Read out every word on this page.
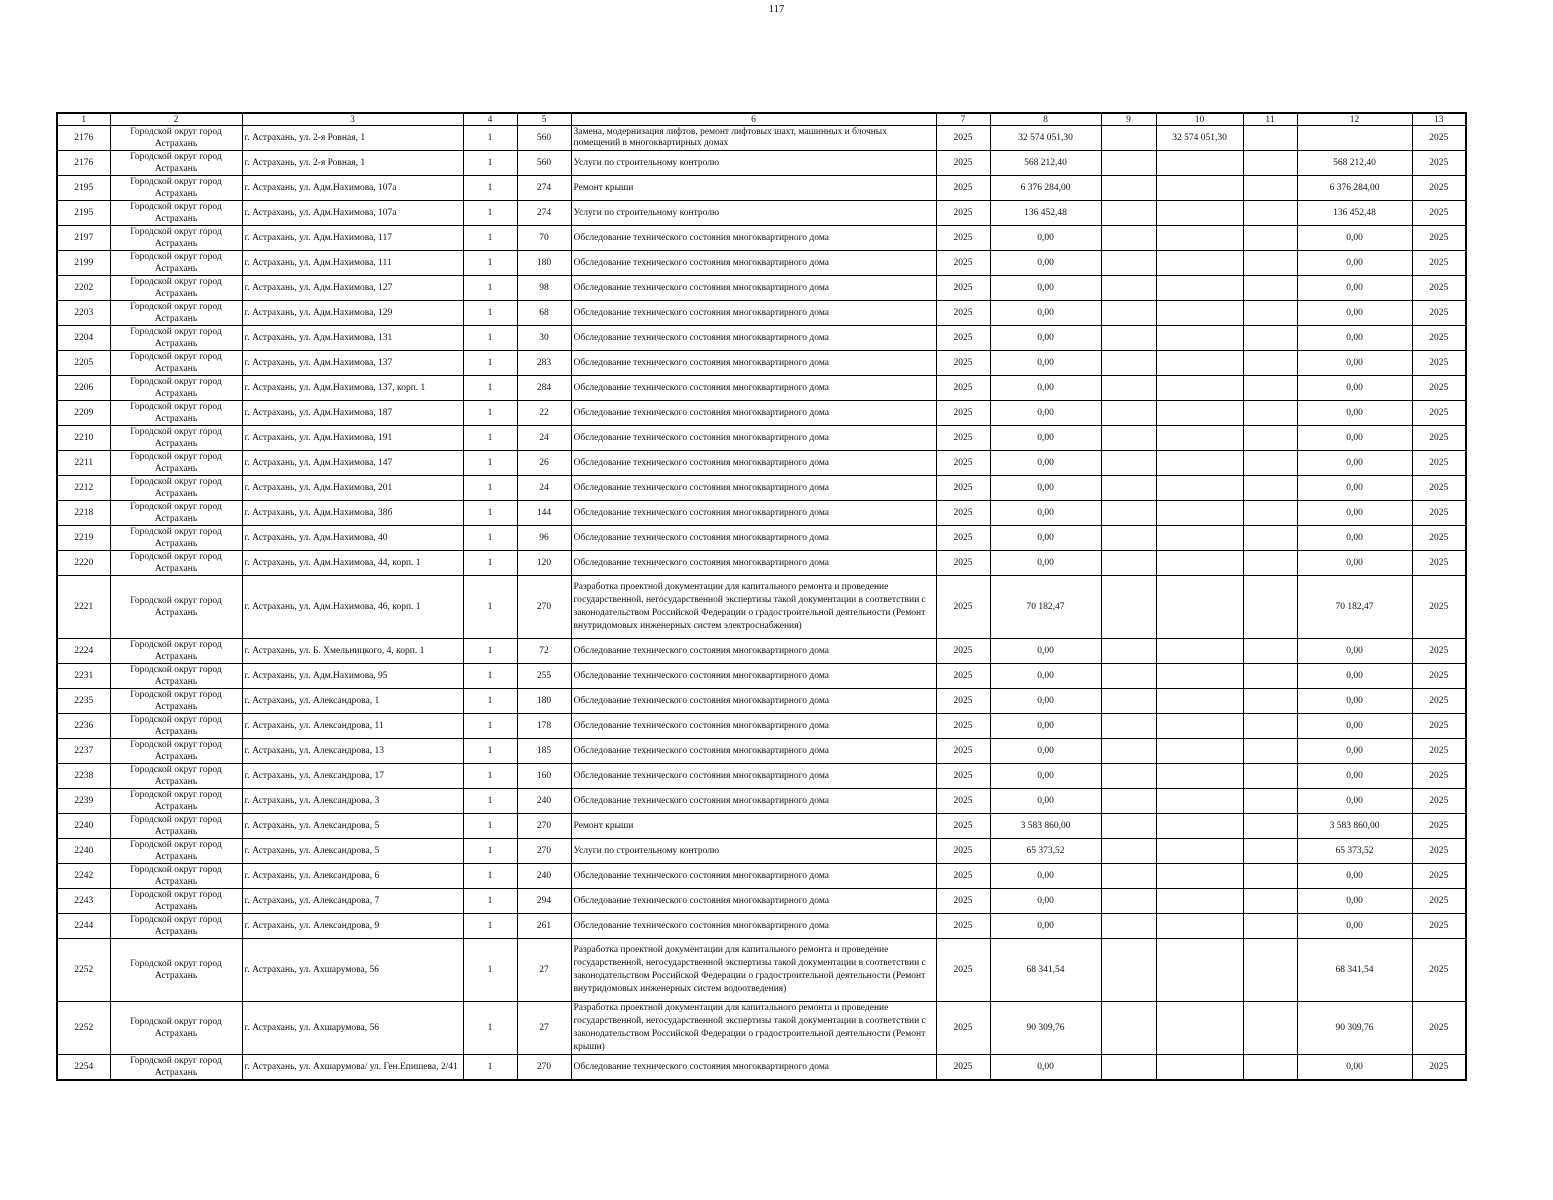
117
1	2	3	4	5	6	7	8	9	10	11	12	13
2176	Городской округ город Астрахань	г. Астрахань, ул. 2-я Ровная, 1	1	560	Замена, модернизация лифтов, ремонт лифтовых шахт, машинных и блочных помещений в многоквартирных домах	2025	32 574 051,30		32 574 051,30			2025
2176	Городской округ город Астрахань	г. Астрахань, ул. 2-я Ровная, 1	1	560	Услуги по строительному контролю	2025	568 212,40				568 212,40	2025
2195	Городской округ город Астрахань	г. Астрахань, ул. Адм.Нахимова, 107а	1	274	Ремонт крыши	2025	6 376 284,00				6 376 284,00	2025
2195	Городской округ город Астрахань	г. Астрахань, ул. Адм.Нахимова, 107а	1	274	Услуги по строительному контролю	2025	136 452,48				136 452,48	2025
2197	Городской округ город Астрахань	г. Астрахань, ул. Адм.Нахимова, 117	1	70	Обследование технического состояния многоквартирного дома	2025	0,00				0,00	2025
2199	Городской округ город Астрахань	г. Астрахань, ул. Адм.Нахимова, 111	1	180	Обследование технического состояния многоквартирного дома	2025	0,00				0,00	2025
2202	Городской округ город Астрахань	г. Астрахань, ул. Адм.Нахимова, 127	1	98	Обследование технического состояния многоквартирного дома	2025	0,00				0,00	2025
2203	Городской округ город Астрахань	г. Астрахань, ул. Адм.Нахимова, 129	1	68	Обследование технического состояния многоквартирного дома	2025	0,00				0,00	2025
2204	Городской округ город Астрахань	г. Астрахань, ул. Адм.Нахимова, 131	1	30	Обследование технического состояния многоквартирного дома	2025	0,00				0,00	2025
2205	Городской округ город Астрахань	г. Астрахань, ул. Адм.Нахимова, 137	1	283	Обследование технического состояния многоквартирного дома	2025	0,00				0,00	2025
2206	Городской округ город Астрахань	г. Астрахань, ул. Адм.Нахимова, 137, корп. 1	1	284	Обследование технического состояния многоквартирного дома	2025	0,00				0,00	2025
2209	Городской округ город Астрахань	г. Астрахань, ул. Адм.Нахимова, 187	1	22	Обследование технического состояния многоквартирного дома	2025	0,00				0,00	2025
2210	Городской округ город Астрахань	г. Астрахань, ул. Адм.Нахимова, 191	1	24	Обследование технического состояния многоквартирного дома	2025	0,00				0,00	2025
2211	Городской округ город Астрахань	г. Астрахань, ул. Адм.Нахимова, 147	1	26	Обследование технического состояния многоквартирного дома	2025	0,00				0,00	2025
2212	Городской округ город Астрахань	г. Астрахань, ул. Адм.Нахимова, 201	1	24	Обследование технического состояния многоквартирного дома	2025	0,00				0,00	2025
2218	Городской округ город Астрахань	г. Астрахань, ул. Адм.Нахимова, 38б	1	144	Обследование технического состояния многоквартирного дома	2025	0,00				0,00	2025
2219	Городской округ город Астрахань	г. Астрахань, ул. Адм.Нахимова, 40	1	96	Обследование технического состояния многоквартирного дома	2025	0,00				0,00	2025
2220	Городской округ город Астрахань	г. Астрахань, ул. Адм.Нахимова, 44, корп. 1	1	120	Обследование технического состояния многоквартирного дома	2025	0,00				0,00	2025
2221	Городской округ город Астрахань	г. Астрахань, ул. Адм.Нахимова, 46, корп. 1	1	270	Разработка проектной документации для капитального ремонта и проведение государственной, негосударственной экспертизы такой документации в соответствии с законодательством Российской Федерации о градостроительной деятельности (Ремонт внутридомовых инженерных систем электроснабжения)	2025	70 182,47				70 182,47	2025
2224	Городской округ город Астрахань	г. Астрахань, ул. Б. Хмельницкого, 4, корп. 1	1	72	Обследование технического состояния многоквартирного дома	2025	0,00				0,00	2025
2231	Городской округ город Астрахань	г. Астрахань, ул. Адм.Нахимова, 95	1	255	Обследование технического состояния многоквартирного дома	2025	0,00				0,00	2025
2235	Городской округ город Астрахань	г. Астрахань, ул. Александрова, 1	1	180	Обследование технического состояния многоквартирного дома	2025	0,00				0,00	2025
2236	Городской округ город Астрахань	г. Астрахань, ул. Александрова, 11	1	178	Обследование технического состояния многоквартирного дома	2025	0,00				0,00	2025
2237	Городской округ город Астрахань	г. Астрахань, ул. Александрова, 13	1	185	Обследование технического состояния многоквартирного дома	2025	0,00				0,00	2025
2238	Городской округ город Астрахань	г. Астрахань, ул. Александрова, 17	1	160	Обследование технического состояния многоквартирного дома	2025	0,00				0,00	2025
2239	Городской округ город Астрахань	г. Астрахань, ул. Александрова, 3	1	240	Обследование технического состояния многоквартирного дома	2025	0,00				0,00	2025
2240	Городской округ город Астрахань	г. Астрахань, ул. Александрова, 5	1	270	Ремонт крыши	2025	3 583 860,00				3 583 860,00	2025
2240	Городской округ город Астрахань	г. Астрахань, ул. Александрова, 5	1	270	Услуги по строительному контролю	2025	65 373,52				65 373,52	2025
2242	Городской округ город Астрахань	г. Астрахань, ул. Александрова, 6	1	240	Обследование технического состояния многоквартирного дома	2025	0,00				0,00	2025
2243	Городской округ город Астрахань	г. Астрахань, ул. Александрова, 7	1	294	Обследование технического состояния многоквартирного дома	2025	0,00				0,00	2025
2244	Городской округ город Астрахань	г. Астрахань, ул. Александрова, 9	1	261	Обследование технического состояния многоквартирного дома	2025	0,00				0,00	2025
2252	Городской округ город Астрахань	г. Астрахань, ул. Ахшарумова, 56	1	27	Разработка проектной документации для капитального ремонта и проведение государственной, негосударственной экспертизы такой документации в соответствии с законодательством Российской Федерации о градостроительной деятельности (Ремонт внутридомовых инженерных систем водоотведения)	2025	68 341,54				68 341,54	2025
2252	Городской округ город Астрахань	г. Астрахань, ул. Ахшарумова, 56	1	27	Разработка проектной документации для капитального ремонта и проведение государственной, негосударственной экспертизы такой документации в соответствии с законодательством Российской Федерации о градостроительной деятельности (Ремонт крыши)	2025	90 309,76				90 309,76	2025
2254	Городской округ город Астрахань	г. Астрахань, ул. Ахшарумова/ ул. Ген.Епишева, 2/41	1	270	Обследование технического состояния многоквартирного дома	2025	0,00				0,00	2025
